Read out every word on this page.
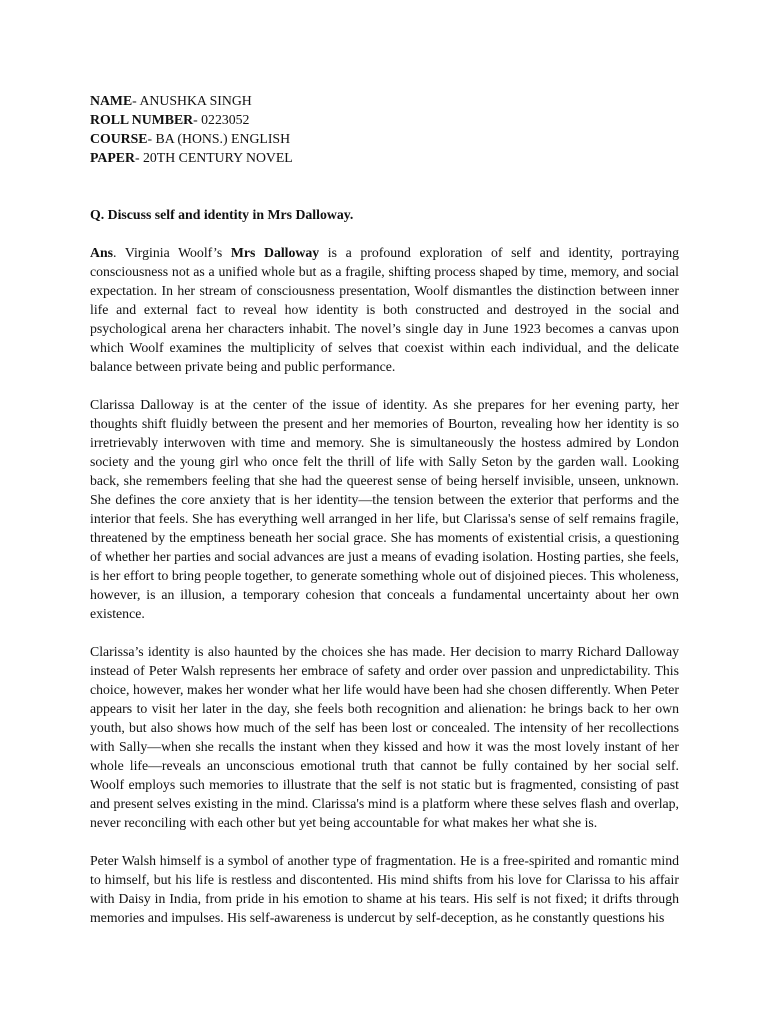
NAME- ANUSHKA SINGH
ROLL NUMBER- 0223052
COURSE- BA (HONS.) ENGLISH
PAPER- 20TH CENTURY NOVEL
Q. Discuss self and identity in Mrs Dalloway.

Ans. Virginia Woolf’s Mrs Dalloway is a profound exploration of self and identity, portraying consciousness not as a unified whole but as a fragile, shifting process shaped by time, memory, and social expectation. In her stream of consciousness presentation, Woolf dismantles the distinction between inner life and external fact to reveal how identity is both constructed and destroyed in the social and psychological arena her characters inhabit. The novel’s single day in June 1923 becomes a canvas upon which Woolf examines the multiplicity of selves that coexist within each individual, and the delicate balance between private being and public performance.

Clarissa Dalloway is at the center of the issue of identity. As she prepares for her evening party, her thoughts shift fluidly between the present and her memories of Bourton, revealing how her identity is so irretrievably interwoven with time and memory. She is simultaneously the hostess admired by London society and the young girl who once felt the thrill of life with Sally Seton by the garden wall. Looking back, she remembers feeling that she had the queerest sense of being herself invisible, unseen, unknown. She defines the core anxiety that is her identity—the tension between the exterior that performs and the interior that feels. She has everything well arranged in her life, but Clarissa's sense of self remains fragile, threatened by the emptiness beneath her social grace. She has moments of existential crisis, a questioning of whether her parties and social advances are just a means of evading isolation. Hosting parties, she feels, is her effort to bring people together, to generate something whole out of disjoined pieces. This wholeness, however, is an illusion, a temporary cohesion that conceals a fundamental uncertainty about her own existence.

Clarissa’s identity is also haunted by the choices she has made. Her decision to marry Richard Dalloway instead of Peter Walsh represents her embrace of safety and order over passion and unpredictability. This choice, however, makes her wonder what her life would have been had she chosen differently. When Peter appears to visit her later in the day, she feels both recognition and alienation: he brings back to her own youth, but also shows how much of the self has been lost or concealed. The intensity of her recollections with Sally—when she recalls the instant when they kissed and how it was the most lovely instant of her whole life—reveals an unconscious emotional truth that cannot be fully contained by her social self. Woolf employs such memories to illustrate that the self is not static but is fragmented, consisting of past and present selves existing in the mind. Clarissa's mind is a platform where these selves flash and overlap, never reconciling with each other but yet being accountable for what makes her what she is.

Peter Walsh himself is a symbol of another type of fragmentation. He is a free-spirited and romantic mind to himself, but his life is restless and discontented. His mind shifts from his love for Clarissa to his affair with Daisy in India, from pride in his emotion to shame at his tears. His self is not fixed; it drifts through memories and impulses. His self-awareness is undercut by self-deception, as he constantly questions his
